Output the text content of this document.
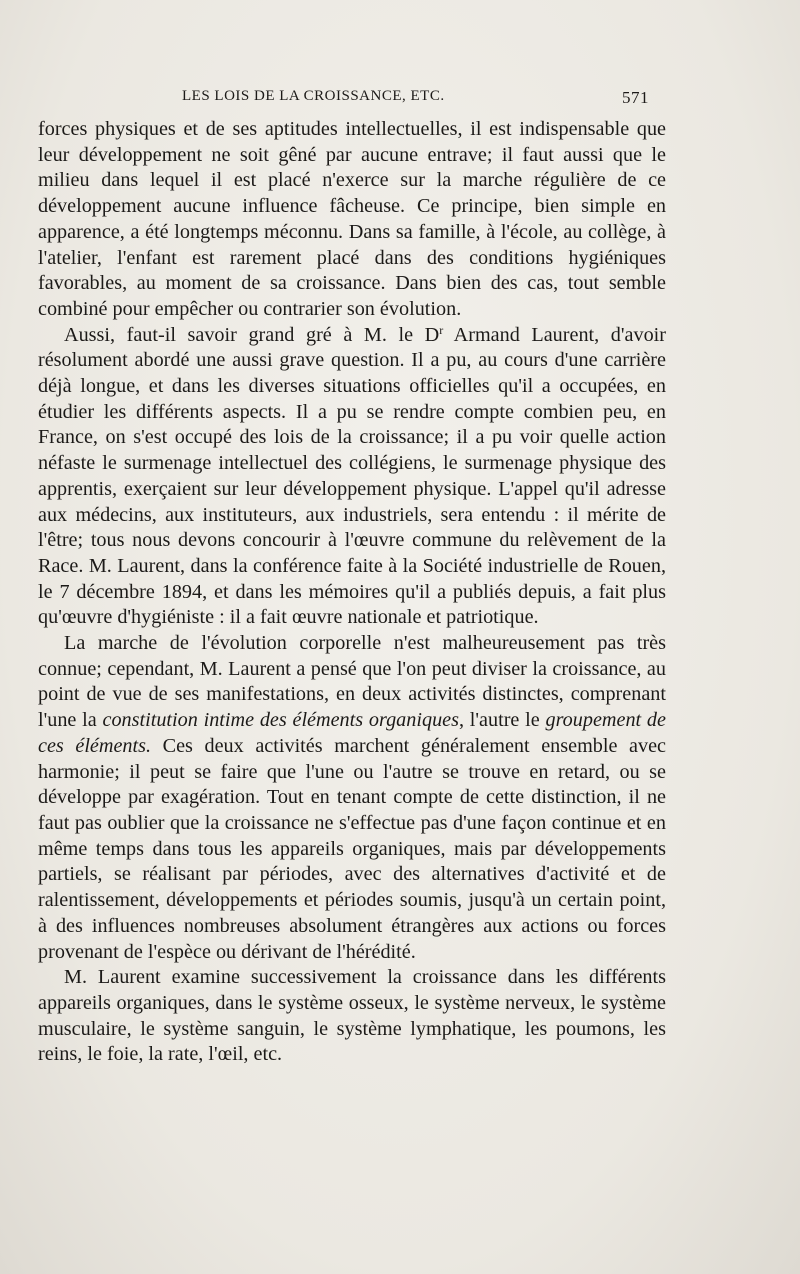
LES LOIS DE LA CROISSANCE, ETC.	571

forces physiques et de ses aptitudes intellectuelles, il est indispensable que leur développement ne soit gêné par aucune entrave; il faut aussi que le milieu dans lequel il est placé n'exerce sur la marche régulière de ce développement aucune influence fâcheuse. Ce principe, bien simple en apparence, a été longtemps méconnu. Dans sa famille, à l'école, au collège, à l'atelier, l'enfant est rarement placé dans des conditions hygiéniques favorables, au moment de sa croissance. Dans bien des cas, tout semble combiné pour empêcher ou contrarier son évolution.

Aussi, faut-il savoir grand gré à M. le $D^r$ Armand Laurent, d'avoir résolument abordé une aussi grave question. Il a pu, au cours d'une carrière déjà longue, et dans les diverses situations officielles qu'il a occupées, en étudier les différents aspects. Il a pu se rendre compte combien peu, en France, on s'est occupé des lois de la croissance; il a pu voir quelle action néfaste le surmenage intellectuel des collégiens, le surmenage physique des apprentis, exerçaient sur leur développement physique. L'appel qu'il adresse aux médecins, aux instituteurs, aux industriels, sera entendu : il mérite de l'être; tous nous devons concourir à l'œuvre commune du relèvement de la Race. M. Laurent, dans la conférence faite à la Société industrielle de Rouen, le 7 décembre 1894, et dans les mémoires qu'il a publiés depuis, a fait plus qu'œuvre d'hygiéniste : il a fait œuvre nationale et patriotique.

La marche de l'évolution corporelle n'est malheureusement pas très connue; cependant, M. Laurent a pensé que l'on peut diviser la croissance, au point de vue de ses manifestations, en deux activités distinctes, comprenant l'une la constitution intime des éléments organiques, l'autre le groupement de ces éléments. Ces deux activités marchent généralement ensemble avec harmonie; il peut se faire que l'une ou l'autre se trouve en retard, ou se développe par exagération. Tout en tenant compte de cette distinction, il ne faut pas oublier que la croissance ne s'effectue pas d'une façon continue et en même temps dans tous les appareils organiques, mais par développements partiels, se réalisant par périodes, avec des alternatives d'activité et de ralentissement, développements et périodes soumis, jusqu'à un certain point, à des influences nombreuses absolument étrangères aux actions ou forces provenant de l'espèce ou dérivant de l'hérédité.

M. Laurent examine successivement la croissance dans les différents appareils organiques, dans le système osseux, le système nerveux, le système musculaire, le système sanguin, le système lymphatique, les poumons, les reins, le foie, la rate, l'œil, etc.
